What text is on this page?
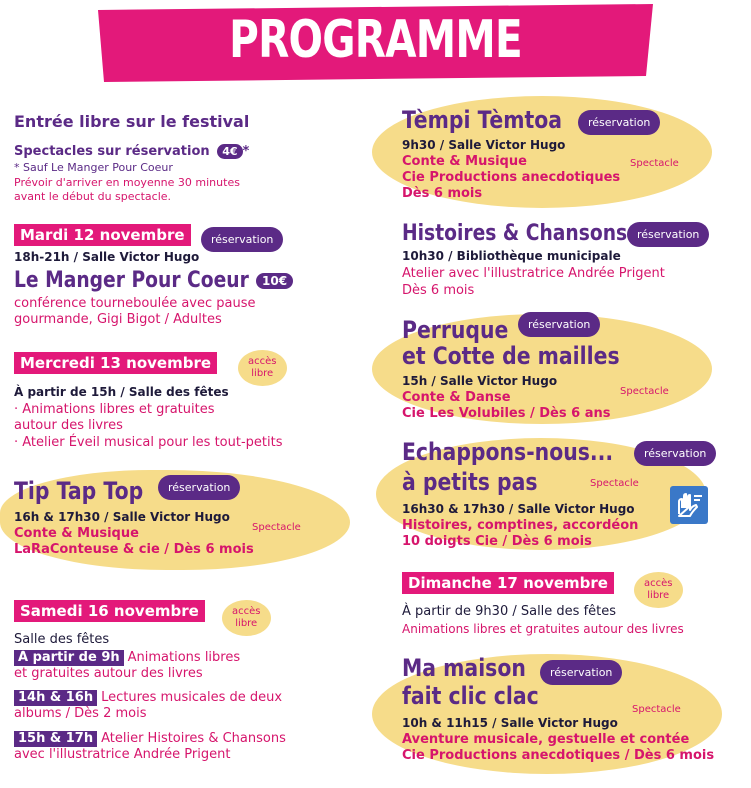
PROGRAMME
Entrée libre sur le festival
Spectacles sur réservation 4€ *
* Sauf Le Manger Pour Coeur
Prévoir d'arriver en moyenne 30 minutes
avant le début du spectacle.
Mardi 12 novembre	réservation
18h-21h / Salle Victor Hugo
Le Manger Pour Coeur	10€
conférence tourneboulée avec pause
gourmande, Gigi Bigot / Adultes
Mercredi 13 novembre	accès
libre
À partir de 15h / Salle des fêtes
· Animations libres et gratuites
autour des livres
· Atelier Éveil musical pour les tout-petits
Tip Tap Top	réservation
16h & 17h30 / Salle Victor Hugo
Conte & Musique
LaRaConteuse & cie / Dès 6 mois
Spectacle
Samedi 16 novembre	accès
libre
Salle des fêtes
À partir de 9h Animations libres
et gratuites autour des livres
14h & 16h Lectures musicales de deux
albums / Dès 2 mois
15h & 17h Atelier Histoires & Chansons
avec l'illustratrice Andrée Prigent
Tèmpi Tèmtoa	réservation
9h30 / Salle Victor Hugo
Conte & Musique
Cie Productions anecdotiques
Dès 6 mois
Spectacle
Histoires & Chansons réservation
10h30 / Bibliothèque municipale
Atelier avec l'illustratrice Andrée Prigent
Dès 6 mois
Perruque	réservation
et Cotte de mailles
15h / Salle Victor Hugo
Conte & Danse
Cie Les Volubiles / Dès 6 ans
Spectacle
Echappons-nous...	réservation
à petits pas	Spectacle
16h30 & 17h30 / Salle Victor Hugo
Histoires, comptines, accordéon
10 doigts Cie / Dès 6 mois
Dimanche 17 novembre	accès
libre
À partir de 9h30 / Salle des fêtes
Animations libres et gratuites autour des livres
Ma maison	réservation
fait clic clac	Spectacle
10h & 11h15 / Salle Victor Hugo
Aventure musicale, gestuelle et contée
Cie Productions anecdotiques / Dès 6 mois
